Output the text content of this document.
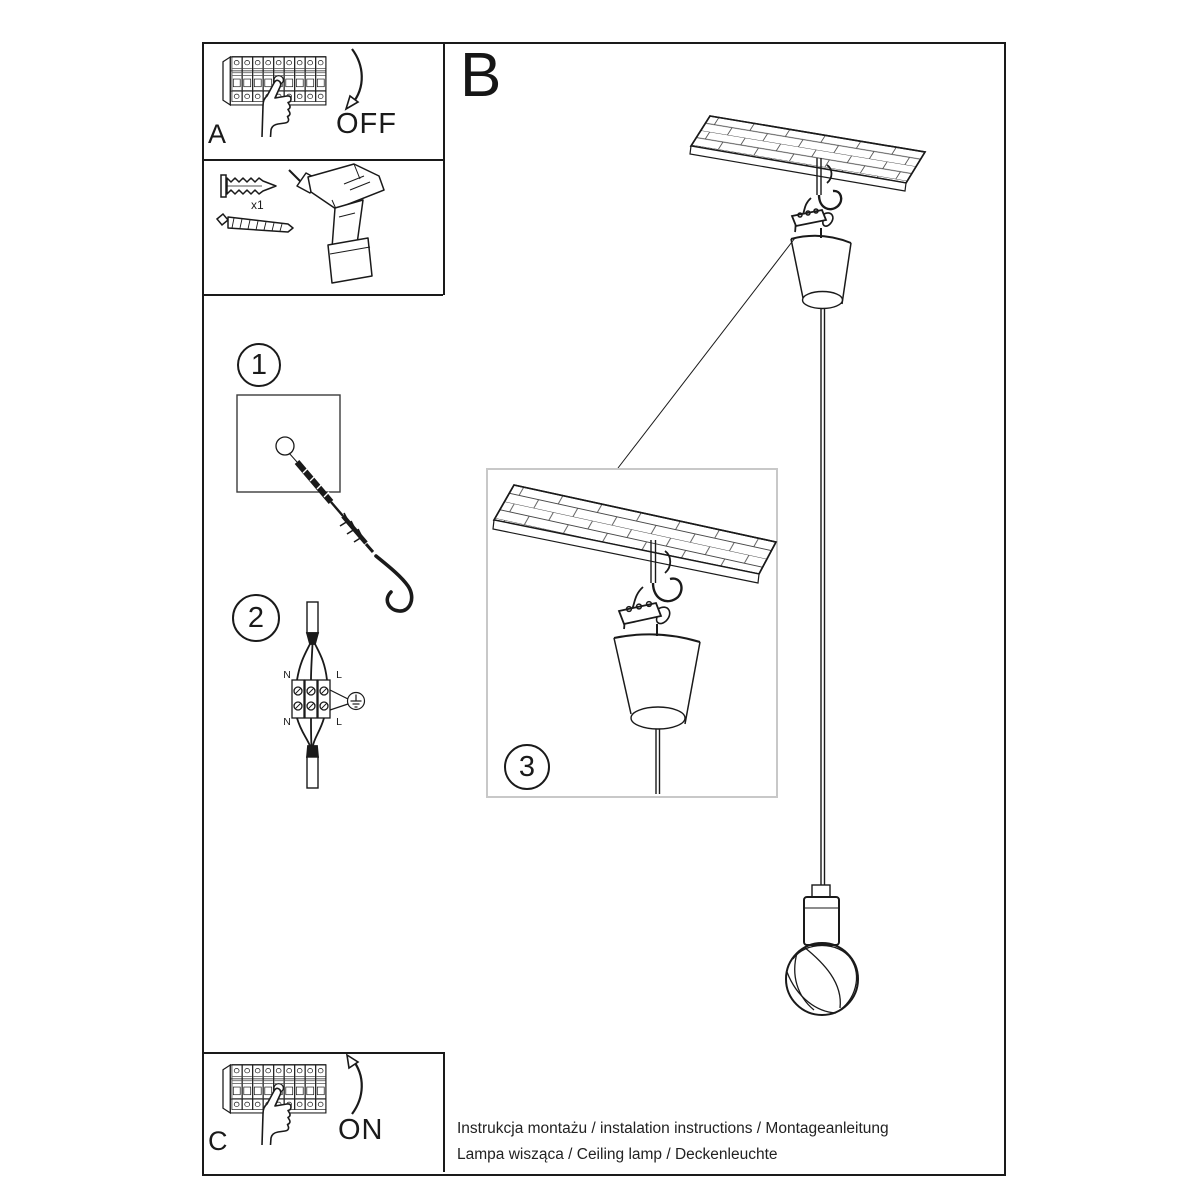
A	OFF
x1
1
2
N	L
N	L
B
3
C	ON	Instrukcja montażu / instalation instructions / Montageanleitung
Lampa wisząca / Ceiling lamp / Deckenleuchte
